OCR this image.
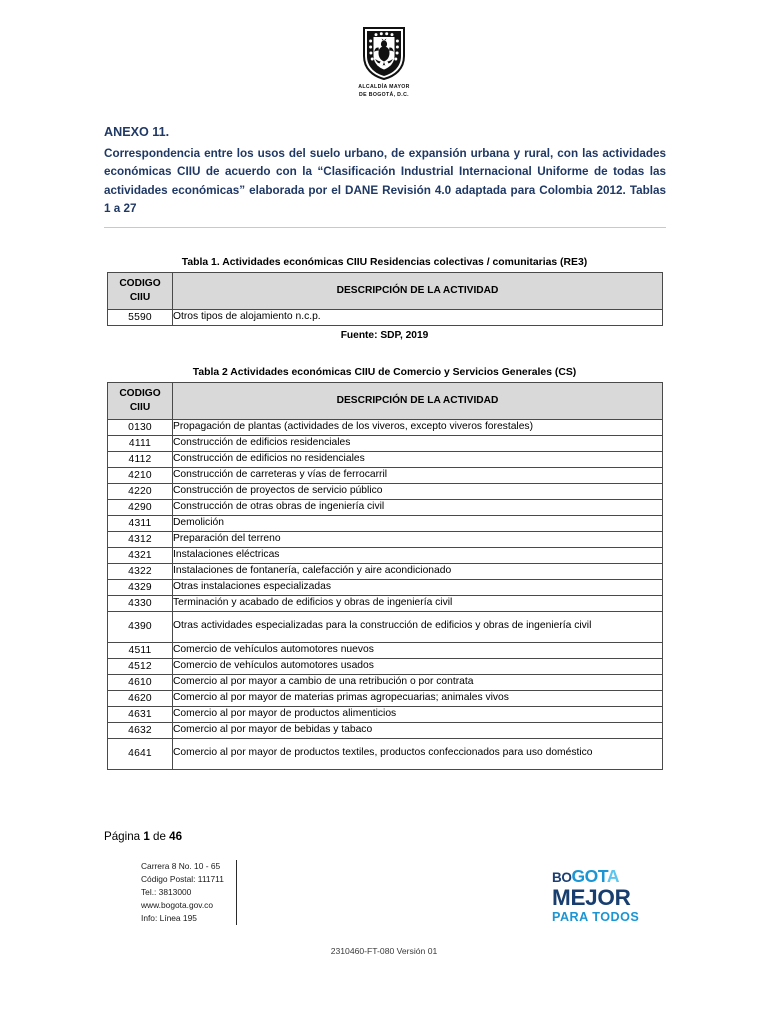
ALCALDÍA MAYOR
DE BOGOTÁ, D.C.
ANEXO 11.

Correspondencia entre los usos del suelo urbano, de expansión urbana y rural, con las actividades económicas CIIU de acuerdo con la “Clasificación Industrial Internacional Uniforme de todas las actividades económicas” elaborada por el DANE Revisión 4.0 adaptada para Colombia 2012. Tablas 1 a 27

Tabla 1. Actividades económicas CIIU Residencias colectivas / comunitarias (RE3)
CODIGO
CIIU	DESCRIPCIÓN DE LA ACTIVIDAD
5590	Otros tipos de alojamiento n.c.p.
Fuente: SDP, 2019
Tabla 2 Actividades económicas CIIU de Comercio y Servicios Generales (CS)
CODIGO
CIIU	DESCRIPCIÓN DE LA ACTIVIDAD
0130	Propagación de plantas (actividades de los viveros, excepto viveros forestales)
4111	Construcción de edificios residenciales
4112	Construcción de edificios no residenciales
4210	Construcción de carreteras y vías de ferrocarril
4220	Construcción de proyectos de servicio público
4290	Construcción de otras obras de ingeniería civil
4311	Demolición
4312	Preparación del terreno
4321	Instalaciones eléctricas
4322	Instalaciones de fontanería, calefacción y aire acondicionado
4329	Otras instalaciones especializadas
4330	Terminación y acabado de edificios y obras de ingeniería civil
4390	Otras actividades especializadas para la construcción de edificios y obras de ingeniería civil
4511	Comercio de vehículos automotores nuevos
4512	Comercio de vehículos automotores usados
4610	Comercio al por mayor a cambio de una retribución o por contrata
4620	Comercio al por mayor de materias primas agropecuarias; animales vivos
4631	Comercio al por mayor de productos alimenticios
4632	Comercio al por mayor de bebidas y tabaco
4641	Comercio al por mayor de productos textiles, productos confeccionados para uso doméstico
Página 1 de 46
Carrera 8 No. 10 - 65
Código Postal: 111711
Tel.: 3813000
www.bogota.gov.co
Info: Línea 195
BOGOTA
MEJOR
PARA TODOS
2310460-FT-080 Versión 01
